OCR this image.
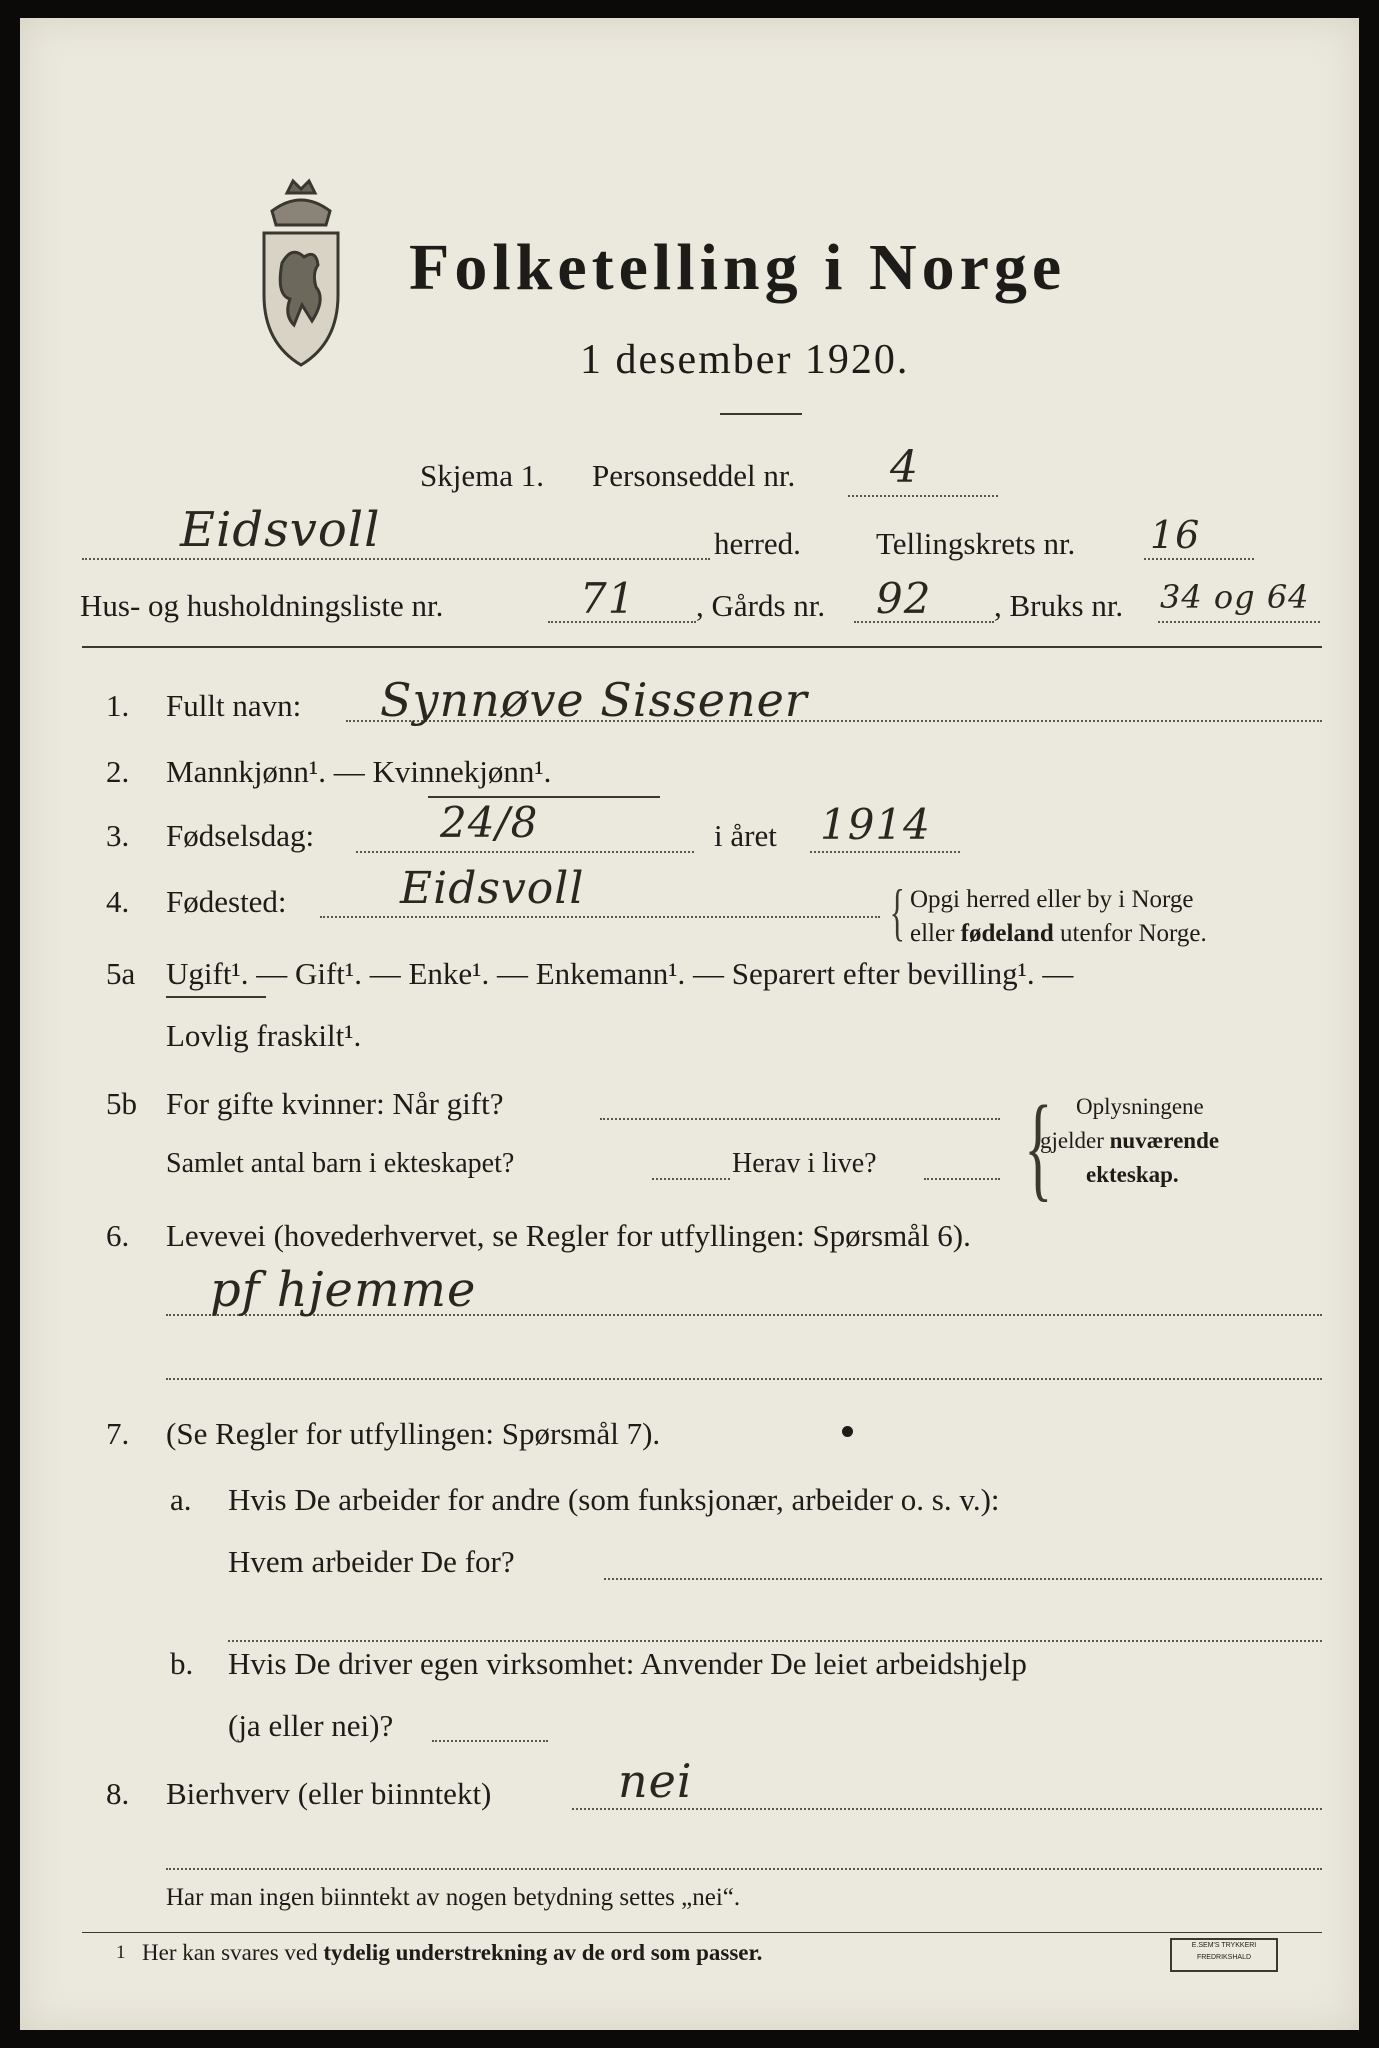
Folketelling i Norge
1 desember 1920.
Skjema 1. Personseddel nr. 4
Eidsvoll	herred. Tellingskrets nr. 16
Hus- og husholdningsliste nr.	71 , Gårds nr. 92 , Bruks nr. 34 og 64
1. Fullt navn: Synnøve Sissener
2. Mannkjønn¹. — Kvinnekjønn¹.
3. Fødselsdag:	24/8	i året 1914
4. Fødested:	Eidsvoll	{ Opgi herred eller by i Norge
eller fødeland utenfor Norge.
5a Ugift¹. — Gift¹. — Enke¹. — Enkemann¹. — Separert efter bevilling¹. —
Lovlig fraskilt¹.
5b For gifte kvinner: Når gift?
Samlet antal barn i ekteskapet?	Herav i live? { Oplysningene
gjelder nuværende
ekteskap.
6. Levevei (hovederhvervet, se Regler for utfyllingen: Spørsmål 6).
pf hjemme
7. (Se Regler for utfyllingen: Spørsmål 7).
a. Hvis De arbeider for andre (som funksjonær, arbeider o. s. v.):
Hvem arbeider De for?
b. Hvis De driver egen virksomhet: Anvender De leiet arbeidshjelp
(ja eller nei)?
8. Bierhverv (eller biinntekt)	nei
Har man ingen biinntekt av nogen betydning settes „nei“.
1 Her kan svares ved tydelig understrekning av de ord som passer.	E.SEM'S TRYKKERI
FREDRIKSHALD
